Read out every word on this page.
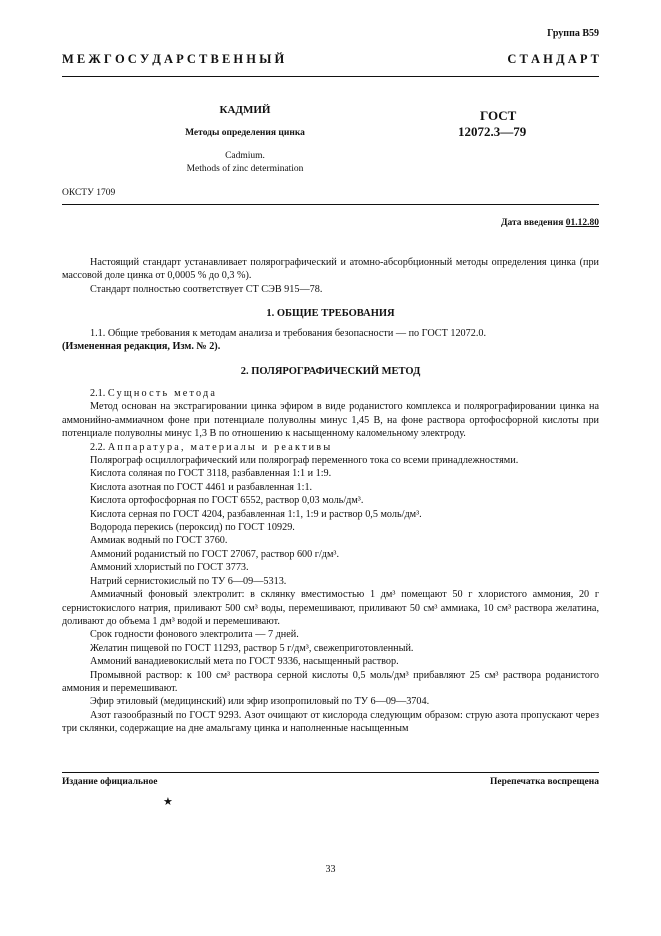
Группа В59
М Е Ж Г О С У Д А Р С Т В Е Н Н Ы Й	С Т А Н Д А Р Т
КАДМИЙ
Методы определения цинка
Cadmium.
Methods of zinc determination
ГОСТ
12072.3—79
ОКСТУ 1709
Дата введения 01.12.80

Настоящий стандарт устанавливает полярографический и атомно-абсорбционный методы определения цинка (при массовой доле цинка от 0,0005 % до 0,3 %).

Стандарт полностью соответствует СТ СЭВ 915—78.

1. ОБЩИЕ ТРЕБОВАНИЯ

1.1. Общие требования к методам анализа и требования безопасности — по ГОСТ 12072.0.

(Измененная редакция, Изм. № 2).

2. ПОЛЯРОГРАФИЧЕСКИЙ МЕТОД

2.1. Сущность метода

Метод основан на экстрагировании цинка эфиром в виде роданистого комплекса и полярографировании цинка на аммонийно-аммиачном фоне при потенциале полуволны минус 1,45 В, на фоне раствора ортофосфорной кислоты при потенциале полуволны минус 1,3 В по отношению к насыщенному каломельному электроду.

2.2. Аппаратура, материалы и реактивы

Полярограф осциллографический или полярограф переменного тока со всеми принадлежностями.

Кислота соляная по ГОСТ 3118, разбавленная 1:1 и 1:9.

Кислота азотная по ГОСТ 4461 и разбавленная 1:1.

Кислота ортофосфорная по ГОСТ 6552, раствор 0,03 моль/дм³.

Кислота серная по ГОСТ 4204, разбавленная 1:1, 1:9 и раствор 0,5 моль/дм³.

Водорода перекись (пероксид) по ГОСТ 10929.

Аммиак водный по ГОСТ 3760.

Аммоний роданистый по ГОСТ 27067, раствор 600 г/дм³.

Аммоний хлористый по ГОСТ 3773.

Натрий сернистокислый по ТУ 6—09—5313.

Аммиачный фоновый электролит: в склянку вместимостью 1 дм³ помещают 50 г хлористого аммония, 20 г сернистокислого натрия, приливают 500 см³ воды, перемешивают, приливают 50 см³ аммиака, 10 см³ раствора желатина, доливают до объема 1 дм³ водой и перемешивают.

Срок годности фонового электролита — 7 дней.

Желатин пищевой по ГОСТ 11293, раствор 5 г/дм³, свежеприготовленный.

Аммоний ванадиевокислый мета по ГОСТ 9336, насыщенный раствор.

Промывной раствор: к 100 см³ раствора серной кислоты 0,5 моль/дм³ прибавляют 25 см³ раствора роданистого аммония и перемешивают.

Эфир этиловый (медицинский) или эфир изопропиловый по ТУ 6—09—3704.

Азот газообразный по ГОСТ 9293. Азот очищают от кислорода следующим образом: струю азота пропускают через три склянки, содержащие на дне амальгаму цинка и наполненные насыщенным

Издание официальное	Перепечатка воспрещена
★
33
